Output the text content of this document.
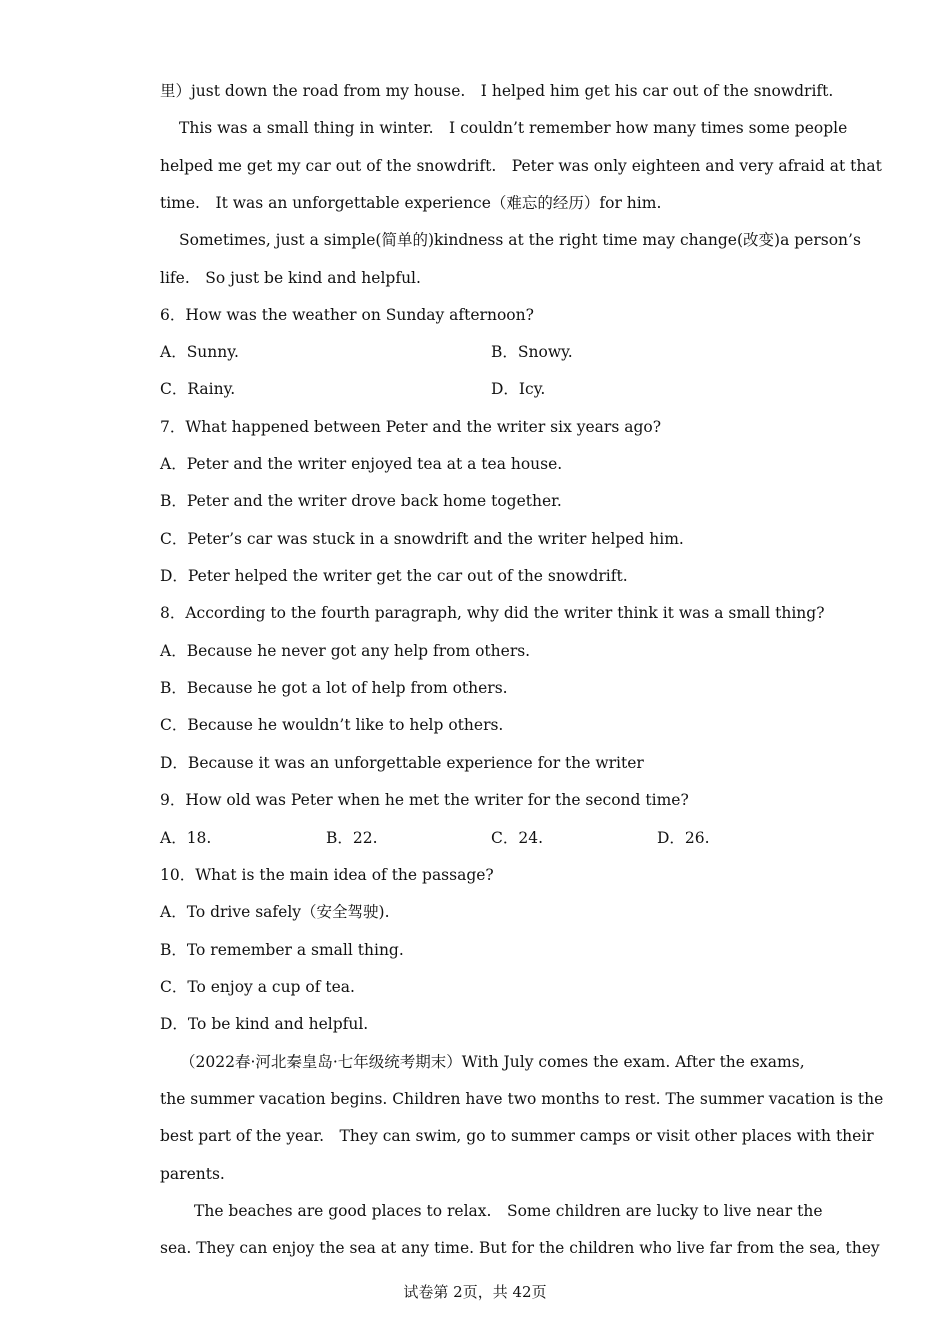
里）just down the road from my house.　I helped him get his car out of the snowdrift.
This was a small thing in winter.　I couldn’t remember how many times some people
helped me get my car out of the snowdrift.　Peter was only eighteen and very afraid at that
time.　It was an unforgettable experience（难忘的经历）for him.
Sometimes, just a simple(简单的)kindness at the right time may change(改变)a person’s
life.　So just be kind and helpful.
6．How was the weather on Sunday afternoon?
A．Sunny.	B．Snowy.
C．Rainy.	D．Icy.
7．What happened between Peter and the writer six years ago?
A．Peter and the writer enjoyed tea at a tea house.
B．Peter and the writer drove back home together.
C．Peter’s car was stuck in a snowdrift and the writer helped him.
D．Peter helped the writer get the car out of the snowdrift.
8．According to the fourth paragraph, why did the writer think it was a small thing?
A．Because he never got any help from others.
B．Because he got a lot of help from others.
C．Because he wouldn’t like to help others.
D．Because it was an unforgettable experience for the writer
9．How old was Peter when he met the writer for the second time?
A．18.	B．22.	C．24.	D．26.
10．What is the main idea of the passage?
A．To drive safely（安全驾驶).
B．To remember a small thing.
C．To enjoy a cup of tea.
D．To be kind and helpful.
（2022春·河北秦皇岛·七年级统考期末）With July comes the exam. After the exams,
the summer vacation begins. Children have two months to rest. The summer vacation is the
best part of the year.　They can swim, go to summer camps or visit other places with their
parents.
The beaches are good places to relax.　Some children are lucky to live near the
sea. They can enjoy the sea at any time. But for the children who live far from the sea, they
试卷第 2页，共 42页
